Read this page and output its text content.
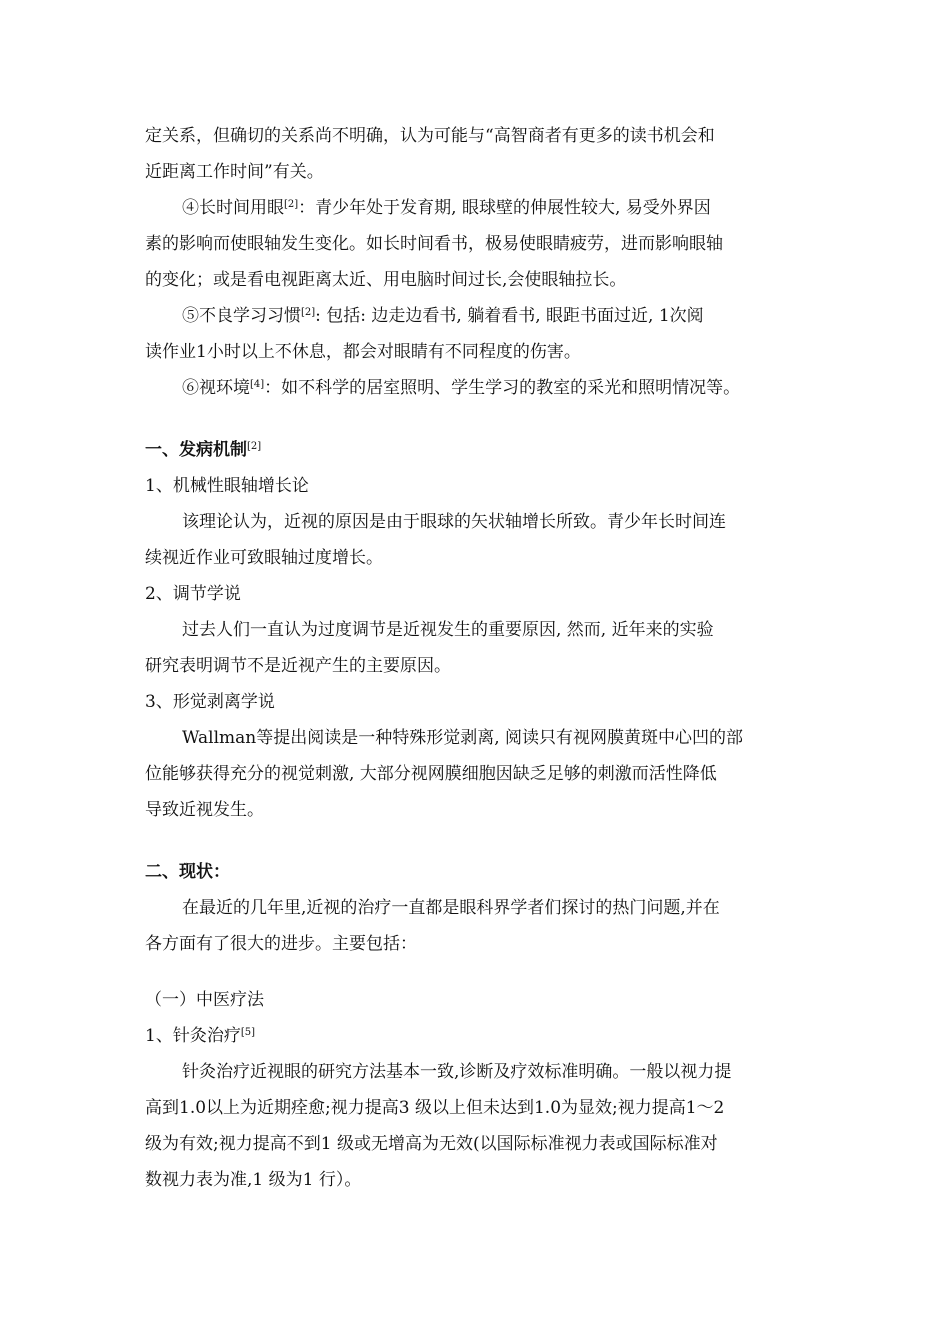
定关系，但确切的关系尚不明确，认为可能与“高智商者有更多的读书机会和

近距离工作时间”有关。

④长时间用眼[2]：青少年处于发育期, 眼球壁的伸展性较大, 易受外界因

素的影响而使眼轴发生变化。如长时间看书，极易使眼睛疲劳，进而影响眼轴

的变化；或是看电视距离太近、用电脑时间过长,会使眼轴拉长。

⑤不良学习习惯[2]: 包括: 边走边看书, 躺着看书, 眼距书面过近, 1次阅

读作业1小时以上不休息，都会对眼睛有不同程度的伤害。

⑥视环境[4]：如不科学的居室照明、学生学习的教室的采光和照明情况等。

一、发病机制[2]

1、机械性眼轴增长论

该理论认为，近视的原因是由于眼球的矢状轴增长所致。青少年长时间连

续视近作业可致眼轴过度增长。

2、调节学说

过去人们一直认为过度调节是近视发生的重要原因, 然而, 近年来的实验

研究表明调节不是近视产生的主要原因。

3、形觉剥离学说

Wallman等提出阅读是一种特殊形觉剥离, 阅读只有视网膜黄斑中心凹的部

位能够获得充分的视觉刺激, 大部分视网膜细胞因缺乏足够的刺激而活性降低

导致近视发生。

二、现状：

在最近的几年里,近视的治疗一直都是眼科界学者们探讨的热门问题,并在

各方面有了很大的进步。主要包括：

（一）中医疗法

1、针灸治疗[5]

针灸治疗近视眼的研究方法基本一致,诊断及疗效标准明确。一般以视力提

高到1.0以上为近期痊愈;视力提高3 级以上但未达到1.0为显效;视力提高1～2

级为有效;视力提高不到1 级或无增高为无效(以国际标准视力表或国际标准对

数视力表为准,1 级为1 行）。
